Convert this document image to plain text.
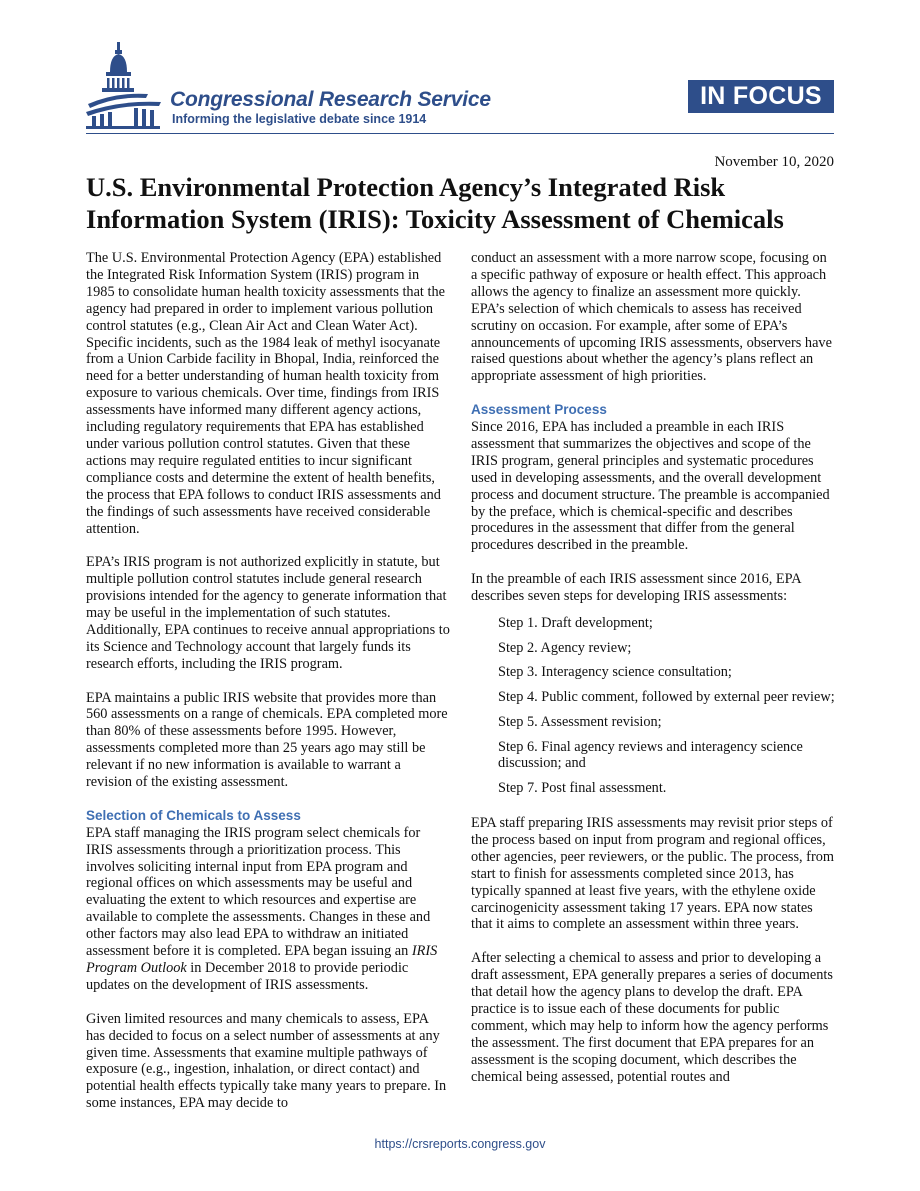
Congressional Research Service

Informing the legislative debate since 1914

IN FOCUS
November 10, 2020
U.S. Environmental Protection Agency’s Integrated Risk Information System (IRIS): Toxicity Assessment of Chemicals

The U.S. Environmental Protection Agency (EPA) established the Integrated Risk Information System (IRIS) program in 1985 to consolidate human health toxicity assessments that the agency had prepared in order to implement various pollution control statutes (e.g., Clean Air Act and Clean Water Act). Specific incidents, such as the 1984 leak of methyl isocyanate from a Union Carbide facility in Bhopal, India, reinforced the need for a better understanding of human health toxicity from exposure to various chemicals. Over time, findings from IRIS assessments have informed many different agency actions, including regulatory requirements that EPA has established under various pollution control statutes. Given that these actions may require regulated entities to incur significant compliance costs and determine the extent of health benefits, the process that EPA follows to conduct IRIS assessments and the findings of such assessments have received considerable attention.

EPA’s IRIS program is not authorized explicitly in statute, but multiple pollution control statutes include general research provisions intended for the agency to generate information that may be useful in the implementation of such statutes. Additionally, EPA continues to receive annual appropriations to its Science and Technology account that largely funds its research efforts, including the IRIS program.

EPA maintains a public IRIS website that provides more than 560 assessments on a range of chemicals. EPA completed more than 80% of these assessments before 1995. However, assessments completed more than 25 years ago may still be relevant if no new information is available to warrant a revision of the existing assessment.

Selection of Chemicals to Assess

EPA staff managing the IRIS program select chemicals for IRIS assessments through a prioritization process. This involves soliciting internal input from EPA program and regional offices on which assessments may be useful and evaluating the extent to which resources and expertise are available to complete the assessments. Changes in these and other factors may also lead EPA to withdraw an initiated assessment before it is completed. EPA began issuing an IRIS Program Outlook in December 2018 to provide periodic updates on the development of IRIS assessments.

Given limited resources and many chemicals to assess, EPA has decided to focus on a select number of assessments at any given time. Assessments that examine multiple pathways of exposure (e.g., ingestion, inhalation, or direct contact) and potential health effects typically take many years to prepare. In some instances, EPA may decide to

conduct an assessment with a more narrow scope, focusing on a specific pathway of exposure or health effect. This approach allows the agency to finalize an assessment more quickly. EPA’s selection of which chemicals to assess has received scrutiny on occasion. For example, after some of EPA’s announcements of upcoming IRIS assessments, observers have raised questions about whether the agency’s plans reflect an appropriate assessment of high priorities.

Assessment Process

Since 2016, EPA has included a preamble in each IRIS assessment that summarizes the objectives and scope of the IRIS program, general principles and systematic procedures used in developing assessments, and the overall development process and document structure. The preamble is accompanied by the preface, which is chemical-specific and describes procedures in the assessment that differ from the general procedures described in the preamble.

In the preamble of each IRIS assessment since 2016, EPA describes seven steps for developing IRIS assessments:

Step 1. Draft development;
Step 2. Agency review;
Step 3. Interagency science consultation;
Step 4. Public comment, followed by external peer review;
Step 5. Assessment revision;
Step 6. Final agency reviews and interagency science discussion; and
Step 7. Post final assessment.

EPA staff preparing IRIS assessments may revisit prior steps of the process based on input from program and regional offices, other agencies, peer reviewers, or the public. The process, from start to finish for assessments completed since 2013, has typically spanned at least five years, with the ethylene oxide carcinogenicity assessment taking 17 years. EPA now states that it aims to complete an assessment within three years.

After selecting a chemical to assess and prior to developing a draft assessment, EPA generally prepares a series of documents that detail how the agency plans to develop the draft. EPA practice is to issue each of these documents for public comment, which may help to inform how the agency performs the assessment. The first document that EPA prepares for an assessment is the scoping document, which describes the chemical being assessed, potential routes and

https://crsreports.congress.gov
